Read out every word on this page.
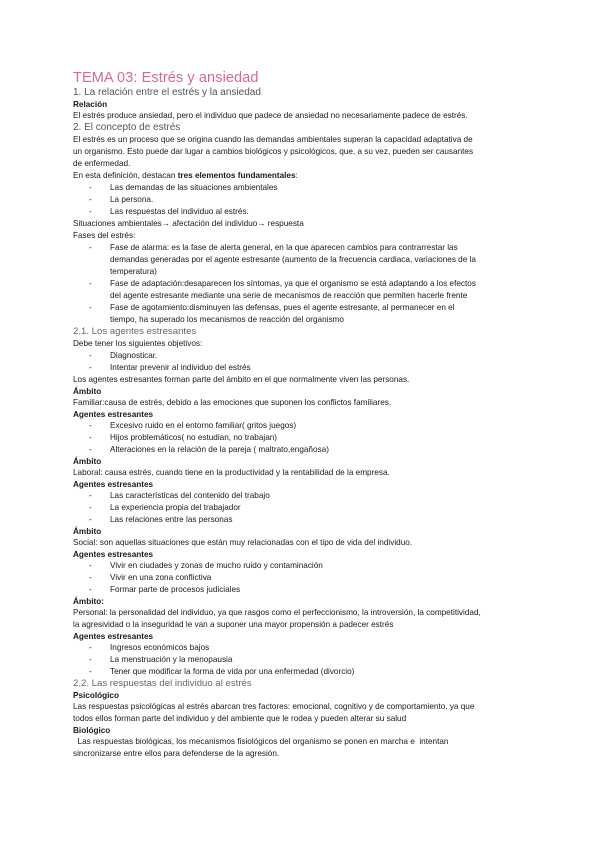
TEMA 03: Estrés y ansiedad
1. La relación entre el estrés y la ansiedad
Relación
El estrés produce ansiedad, pero el individuo que padece de ansiedad no necesariamente padece de estrés.
2. El concepto de estrés
El estrés es un proceso que se origina cuando las demandas ambientales superan la capacidad adaptativa de
un organismo. Esto puede dar lugar a cambios biológicos y psicológicos, que, a su vez, pueden ser causantes
de enfermedad.
En esta definición, destacan tres elementos fundamentales:
- Las demandas de las situaciones ambientales
- La persona.
- Las respuestas del individuo al estrés.
Situaciones ambientales→ afectación del individuo→ respuesta
Fases del estrés:
- Fase de alarma: es la fase de alerta general, en la que aparecen cambios para contrarrestar las
demandas generadas por el agente estresante (aumento de la frecuencia cardiaca, variaciones de la
temperatura)
- Fase de adaptación:desaparecen los síntomas, ya que el organismo se está adaptando a los efectos
del agente estresante mediante una serie de mecanismos de reacción que permiten hacerle frente
- Fase de agotamiento:disminuyen las defensas, pues el agente estresante, al permanecer en el
tiempo, ha superado los mecanismos de reacción del organismo
2.1. Los agentes estresantes
Debe tener los siguientes objetivos:
- Diagnosticar.
- Intentar prevenir al individuo del estrés
Los agentes estresantes forman parte del ámbito en el que normalmente viven las personas.
Ámbito
Familiar:causa de estrés, debido a las emociones que suponen los conflictos familiares.
Agentes estresantes
- Excesivo ruido en el entorno familiar( gritos juegos)
- Hijos problemáticos( no estudian, no trabajan)
- Alteraciones en la relación de la pareja ( maltrato,engañosa)
Ámbito
Laboral: causa estrés, cuando tiene en la productividad y la rentabilidad de la empresa.
Agentes estresantes
- Las características del contenido del trabajo
- La experiencia propia del trabajador
- Las relaciones entre las personas
Ámbito
Social: son aquellas situaciones que están muy relacionadas con el tipo de vida del individuo.
Agentes estresantes
- Vivir en ciudades y zonas de mucho ruido y contaminación
- Vivir en una zona conflictiva
- Formar parte de procesos judiciales
Ámbito:
Personal: la personalidad del individuo, ya que rasgos como el perfeccionismo, la introversión, la competitividad,
la agresividad o la inseguridad le van a suponer una mayor propensión a padecer estrés
Agentes estresantes
- Ingresos económicos bajos
- La menstruación y la menopausia
- Tener que modificar la forma de vida por una enfermedad (divorcio)
2.2. Las respuestas del individuo al estrés
Psicológico
Las respuestas psicológicas al estrés abarcan tres factores: emocional, cognitivo y de comportamiento, ya que
todos ellos forman parte del individuo y del ambiente que le rodea y pueden alterar su salud
Biológico
Las respuestas biológicas, los mecanismos fisiológicos del organismo se ponen en marcha e  intentan
sincronizarse entre ellos para defenderse de la agresión.
